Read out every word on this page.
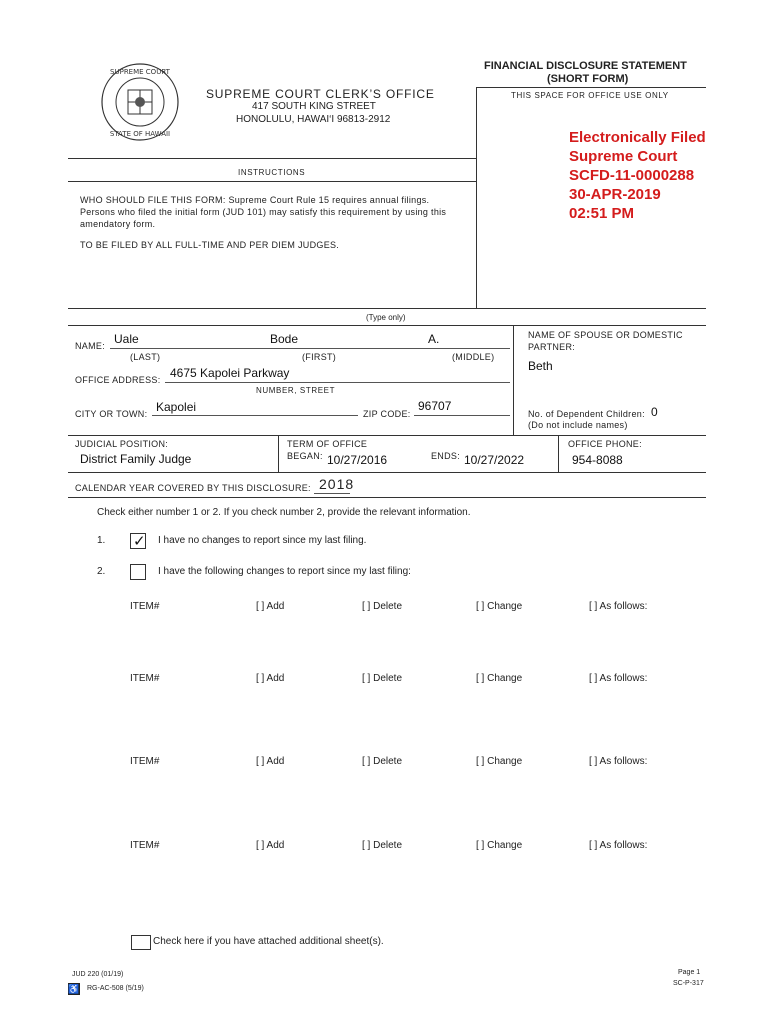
SUPREME COURT
STATE OF HAWAII
SUPREME COURT CLERK’S OFFICE
417 SOUTH KING STREET
HONOLULU, HAWAI‘I 96813-2912
FINANCIAL DISCLOSURE STATEMENT
(SHORT FORM)
THIS SPACE FOR OFFICE USE ONLY
Electronically Filed
Supreme Court
SCFD-11-0000288
30-APR-2019
02:51 PM
INSTRUCTIONS
WHO SHOULD FILE THIS FORM: Supreme Court Rule 15 requires annual filings.
Persons who filed the initial form (JUD 101) may satisfy this requirement by using this
amendatory form.
TO BE FILED BY ALL FULL-TIME AND PER DIEM JUDGES.
(Type only)
NAME: Uale	Bode	A.
(LAST)	(FIRST)	(MIDDLE)
NAME OF SPOUSE OR DOMESTIC
PARTNER:
Beth
OFFICE ADDRESS: 4675 Kapolei Parkway
NUMBER, STREET
CITY OR TOWN: Kapolei	ZIP CODE:
96707
No. of Dependent Children: 0
(Do not include names)
JUDICIAL POSITION:
District Family Judge
TERM OF OFFICE
BEGAN: 10/27/2016	ENDS: 10/27/2022
OFFICE PHONE:
954-8088
CALENDAR YEAR COVERED BY THIS DISCLOSURE: 2018
Check either number 1 or 2. If you check number 2, provide the relevant information.
1. ✓ I have no changes to report since my last filing.
2.	I have the following changes to report since my last filing:
ITEM#	[ ] Add	[ ] Delete	[ ] Change	[ ] As follows:
ITEM#	[ ] Add	[ ] Delete	[ ] Change	[ ] As follows:
ITEM#	[ ] Add	[ ] Delete	[ ] Change	[ ] As follows:
ITEM#	[ ] Add	[ ] Delete	[ ] Change	[ ] As follows:
Check here if you have attached additional sheet(s).
JUD 220 (01/19)
♿ RG-AC-508 (5/19)
Page 1
SC-P-317
